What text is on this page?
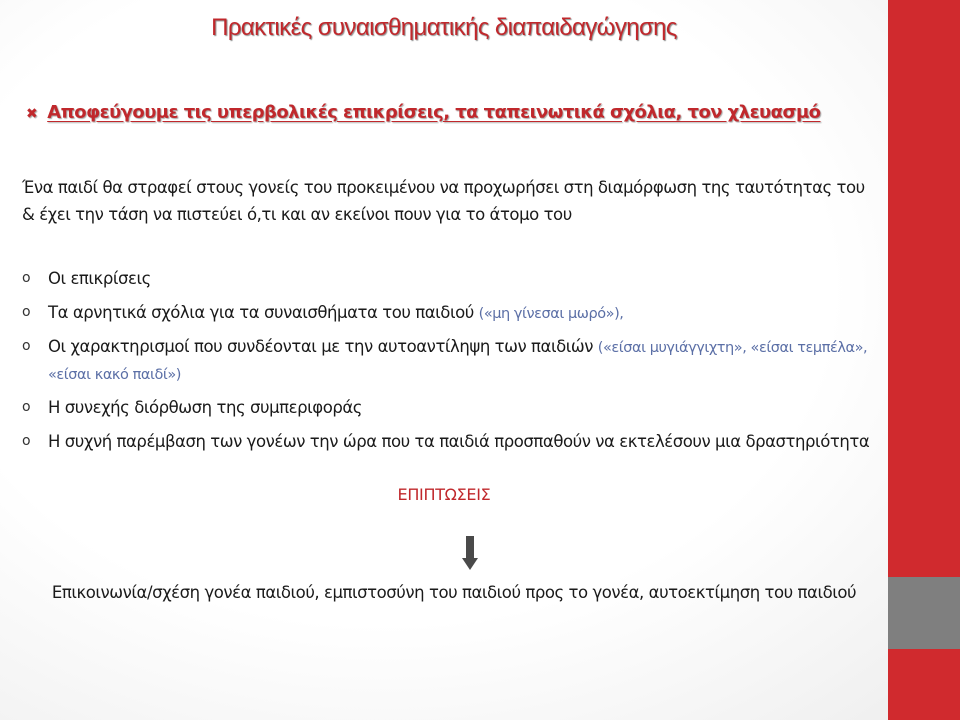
Πρακτικές συναισθηματικής διαπαιδαγώγησης
✖ Αποφεύγουμε τις υπερβολικές επικρίσεις, τα ταπεινωτικά σχόλια, τον χλευασμό
Ένα παιδί θα στραφεί στους γονείς του προκειμένου να προχωρήσει στη διαμόρφωση της ταυτότητας του & έχει την τάση να πιστεύει ό,τι και αν εκείνοι πουν για το άτομο του
o Οι επικρίσεις
o Τα αρνητικά σχόλια για τα συναισθήματα του παιδιού («μη γίνεσαι μωρό»),
o Οι χαρακτηρισμοί που συνδέονται με την αυτοαντίληψη των παιδιών («είσαι μυγιάγγιχτη», «είσαι τεμπέλα», «είσαι κακό παιδί»)
o Η συνεχής διόρθωση της συμπεριφοράς
o Η συχνή παρέμβαση των γονέων την ώρα που τα παιδιά προσπαθούν να εκτελέσουν μια δραστηριότητα
ΕΠΙΠΤΩΣΕΙΣ
Επικοινωνία/σχέση γονέα παιδιού, εμπιστοσύνη του παιδιού προς το γονέα, αυτοεκτίμηση του παιδιού
